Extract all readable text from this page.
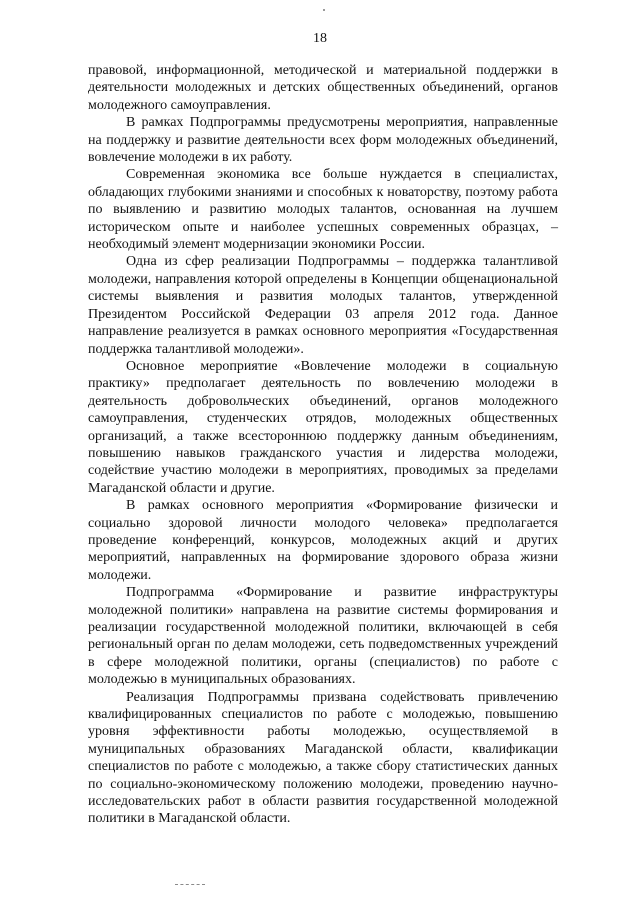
18

правовой, информационной, методической и материальной поддержки в деятельности молодежных и детских общественных объединений, органов молодежного самоуправления.

В рамках Подпрограммы предусмотрены мероприятия, направленные на поддержку и развитие деятельности всех форм молодежных объединений, вовлечение молодежи в их работу.

Современная экономика все больше нуждается в специалистах, обладающих глубокими знаниями и способных к новаторству, поэтому работа по выявлению и развитию молодых талантов, основанная на лучшем историческом опыте и наиболее успешных современных образцах, – необходимый элемент модернизации экономики России.

Одна из сфер реализации Подпрограммы – поддержка талантливой молодежи, направления которой определены в Концепции общенациональной системы выявления и развития молодых талантов, утвержденной Президентом Российской Федерации 03 апреля 2012 года. Данное направление реализуется в рамках основного мероприятия «Государственная поддержка талантливой молодежи».

Основное мероприятие «Вовлечение молодежи в социальную практику» предполагает деятельность по вовлечению молодежи в деятельность добровольческих объединений, органов молодежного самоуправления, студенческих отрядов, молодежных общественных организаций, а также всестороннюю поддержку данным объединениям, повышению навыков гражданского участия и лидерства молодежи, содействие участию молодежи в мероприятиях, проводимых за пределами Магаданской области и другие.

В рамках основного мероприятия «Формирование физически и социально здоровой личности молодого человека» предполагается проведение конференций, конкурсов, молодежных акций и других мероприятий, направленных на формирование здорового образа жизни молодежи.

Подпрограмма «Формирование и развитие инфраструктуры молодежной политики» направлена на развитие системы формирования и реализации государственной молодежной политики, включающей в себя региональный орган по делам молодежи, сеть подведомственных учреждений в сфере молодежной политики, органы (специалистов) по работе с молодежью в муниципальных образованиях.

Реализация Подпрограммы призвана содействовать привлечению квалифицированных специалистов по работе с молодежью, повышению уровня эффективности работы молодежью, осуществляемой в муниципальных образованиях Магаданской области, квалификации специалистов по работе с молодежью, а также сбору статистических данных по социально-экономическому положению молодежи, проведению научно-исследовательских работ в области развития государственной молодежной политики в Магаданской области.
